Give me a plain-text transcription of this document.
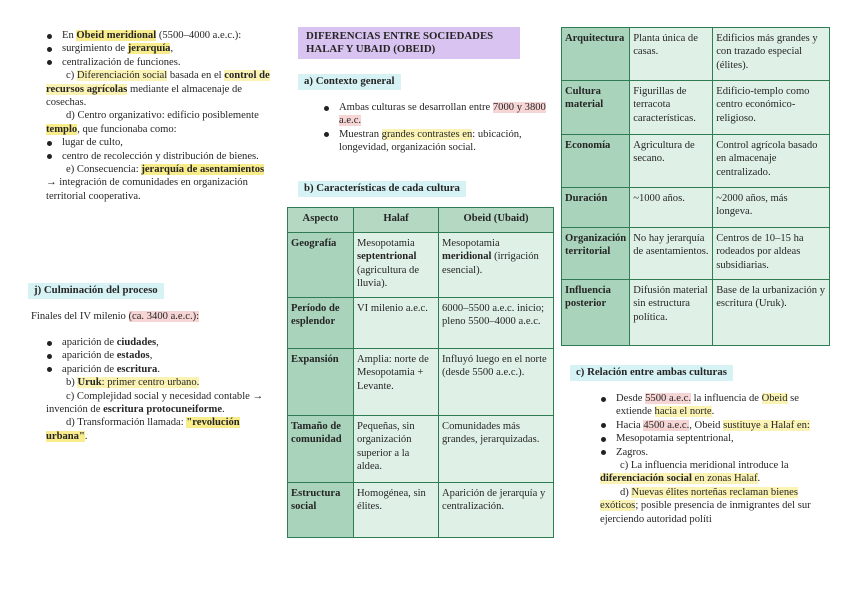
En Obeid meridional (5500–4000 a.e.c.):
surgimiento de jerarquía,
centralización de funciones.
c) Diferenciación social basada en el control de recursos agrícolas mediante el almacenaje de cosechas.
d) Centro organizativo: edificio posiblemente templo, que funcionaba como:
lugar de culto,
centro de recolección y distribución de bienes.
e) Consecuencia: jerarquía de asentamientos → integración de comunidades en organización territorial cooperativa.
j) Culminación del proceso
Finales del IV milenio (ca. 3400 a.e.c.):
aparición de ciudades,
aparición de estados,
aparición de escritura.
b) Uruk: primer centro urbano.
c) Complejidad social y necesidad contable → invención de escritura protocuneiforme.
d) Transformación llamada: "revolución urbana".
DIFERENCIAS ENTRE SOCIEDADES HALAF Y UBAID (OBEID)
a) Contexto general
Ambas culturas se desarrollan entre 7000 y 3800 a.e.c.
Muestran grandes contrastes en: ubicación, longevidad, organización social.
b) Características de cada cultura
Aspecto	Halaf	Obeid (Ubaid)
Geografía	Mesopotamia septentrional (agricultura de lluvia).	Mesopotamia meridional (irrigación esencial).
Período de esplendor	VI milenio a.e.c.	6000–5500 a.e.c. inicio; pleno 5500–4000 a.e.c.
Expansión	Amplia: norte de Mesopotamia + Levante.	Influyó luego en el norte (desde 5500 a.e.c.).
Tamaño de comunidad	Pequeñas, sin organización superior a la aldea.	Comunidades más grandes, jerarquizadas.
Estructura social	Homogénea, sin élites.	Aparición de jerarquía y centralización.
Arquitectura	Planta única de casas.	Edificios más grandes y con trazado especial (élites).
Cultura material	Figurillas de terracota características.	Edificio-templo como centro económico-religioso.
Economía	Agricultura de secano.	Control agrícola basado en almacenaje centralizado.
Duración	~1000 años.	~2000 años, más longeva.
Organización territorial	No hay jerarquía de asentamientos.	Centros de 10–15 ha rodeados por aldeas subsidiarias.
Influencia posterior	Difusión material sin estructura política.	Base de la urbanización y escritura (Uruk).
c) Relación entre ambas culturas
Desde 5500 a.e.c. la influencia de Obeid se extiende hacia el norte.
Hacia 4500 a.e.c., Obeid sustituye a Halaf en:
Mesopotamia septentrional,
Zagros.
c) La influencia meridional introduce la diferenciación social en zonas Halaf.
d) Nuevas élites norteñas reclaman bienes exóticos; posible presencia de inmigrantes del sur ejerciendo autoridad políti
